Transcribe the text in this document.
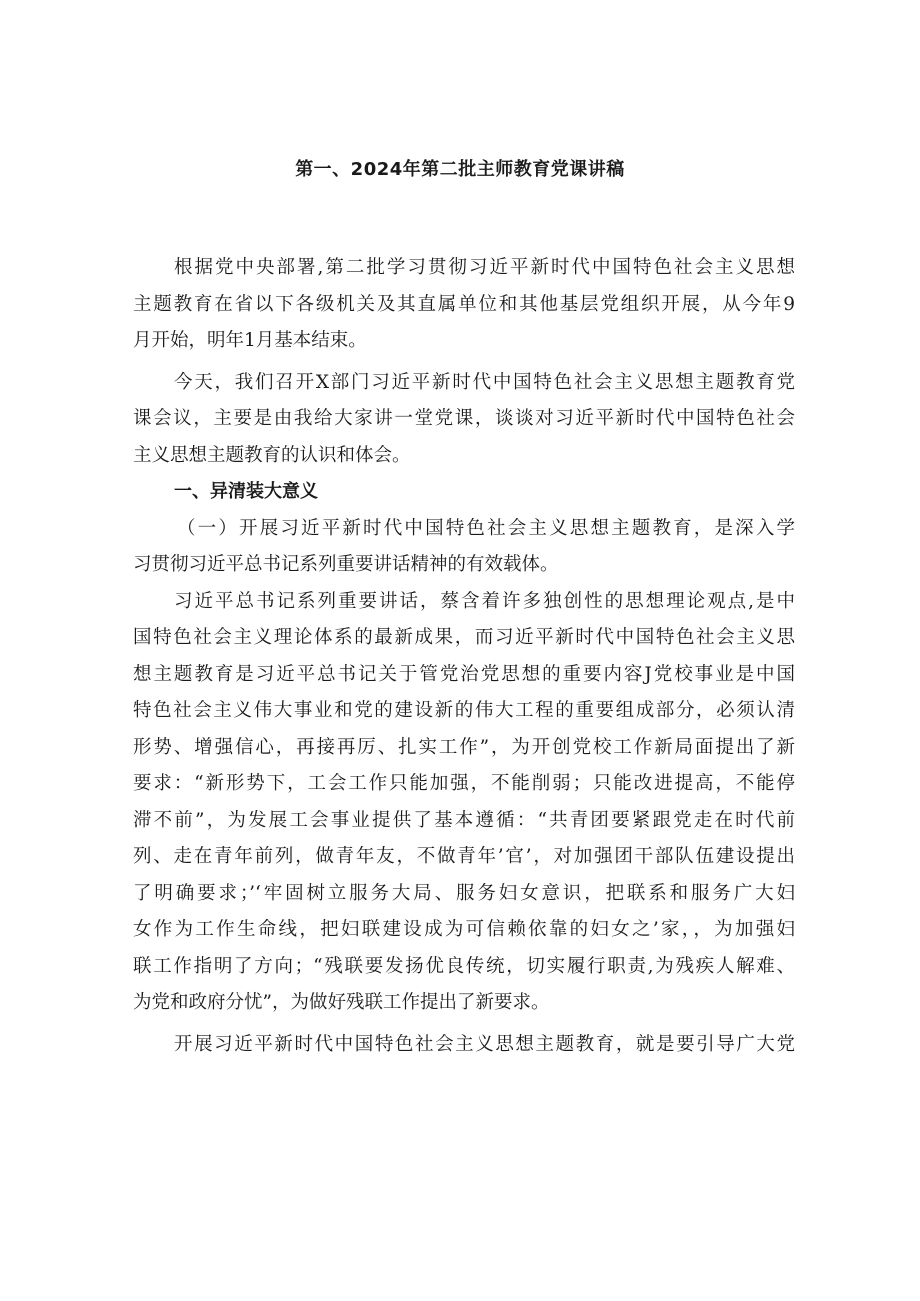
第一、2024年第二批主师教育党课讲稿
根据党中央部署,第二批学习贯彻习近平新时代中国特色社会主义思想
主题教育在省以下各级机关及其直属单位和其他基层党组织开展，从今年9
月开始，明年1月基本结束。
今天，我们召开X部门习近平新时代中国特色社会主义思想主题教育党
课会议，主要是由我给大家讲一堂党课，谈谈对习近平新时代中国特色社会
主义思想主题教育的认识和体会。
一、异清装大意义
（一）开展习近平新时代中国特色社会主义思想主题教育，是深入学
习贯彻习近平总书记系列重要讲话精神的有效载体。
习近平总书记系列重要讲话，蔡含着许多独创性的思想理论观点,是中
国特色社会主义理论体系的最新成果，而习近平新时代中国特色社会主义思
想主题教育是习近平总书记关于管党治党思想的重要内容J党校事业是中国
特色社会主义伟大事业和党的建设新的伟大工程的重要组成部分，必须认清
形势、增强信心，再接再厉、扎实工作”，为开创党校工作新局面提出了新
要求：“新形势下，工会工作只能加强，不能削弱；只能改进提高，不能停
滞不前”，为发展工会事业提供了基本遵循：“共青团要紧跟党走在时代前
列、走在青年前列，做青年友，不做青年’官’，对加强团干部队伍建设提出
了明确要求；’‘牢固树立服务大局、服务妇女意识，把联系和服务广大妇
女作为工作生命线，把妇联建设成为可信赖依靠的妇女之’家，，为加强妇
联工作指明了方向；“残联要发扬优良传统，切实履行职责,为残疾人解难、
为党和政府分忧”，为做好残联工作提出了新要求。
开展习近平新时代中国特色社会主义思想主题教育，就是要引导广大党
